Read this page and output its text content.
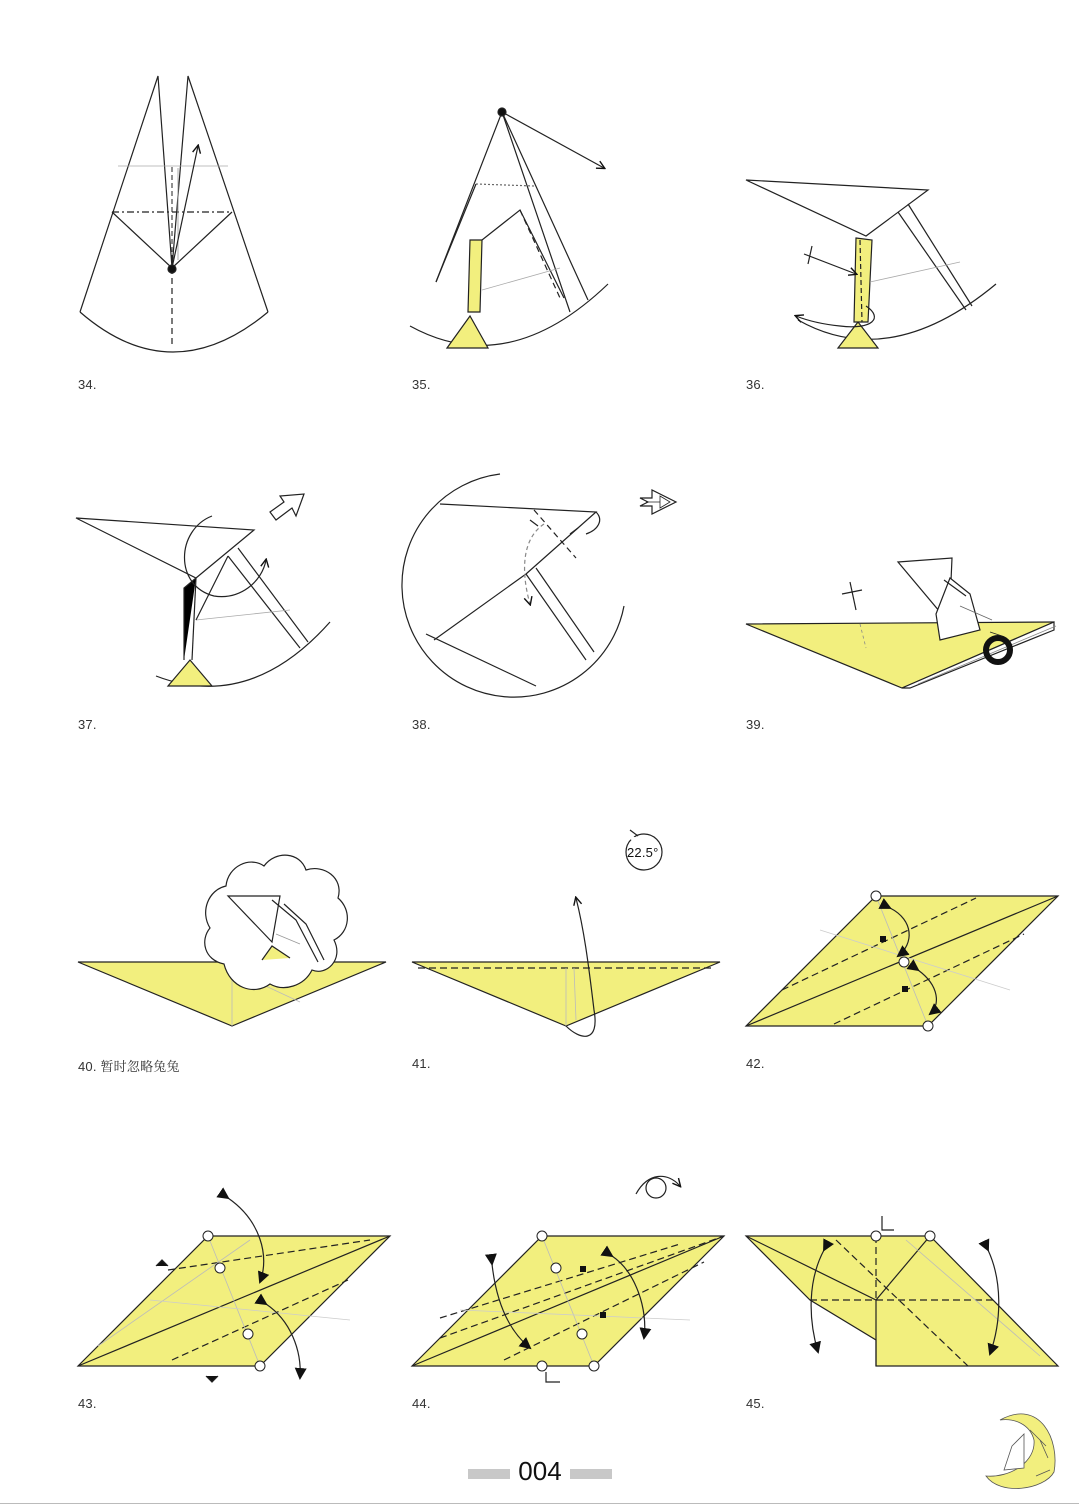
34.	35.	36.
37.	38.	39.
40. 暂时忽略兔兔	41.	42.
43.	44.	45.
22.5°
004
